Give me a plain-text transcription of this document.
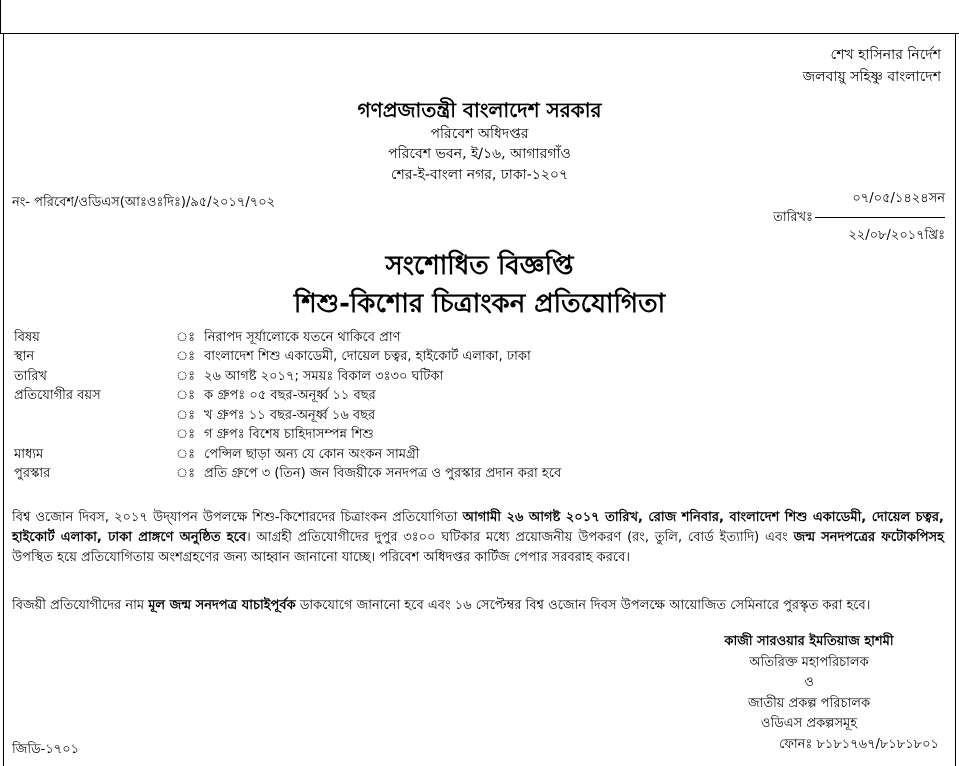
শেখ হাসিনার নির্দেশ
জলবায়ু সহিষ্ণু বাংলাদেশ
গণপ্রজাতন্ত্রী বাংলাদেশ সরকার
পরিবেশ অধিদপ্তর
পরিবেশ ভবন, ই/১৬, আগারগাঁও
শের-ই-বাংলা নগর, ঢাকা-১২০৭
নং- পরিবেশ/ওডিএস(আঃওঃদিঃ)/৯৫/২০১৭/৭০২	০৭/০৫/১৪২৪সন
তারিখঃ
২২/০৮/২০১৭খ্রিঃ
সংশোধিত বিজ্ঞপ্তি
শিশু-কিশোর চিত্রাংকন প্রতিযোগিতা
বিষয়	ঃ নিরাপদ সূর্যালোকে যতনে থাকিবে প্রাণ
স্থান	ঃ বাংলাদেশ শিশু একাডেমী, দোয়েল চত্বর, হাইকোর্ট এলাকা, ঢাকা
তারিখ	ঃ ২৬ আগষ্ট ২০১৭; সময়ঃ বিকাল ৩ঃ৩০ ঘটিকা
প্রতিযোগীর বয়স	ঃ ক গ্রুপঃ ০৫ বছর-অনূর্ধ্ব ১১ বছর
ঃ খ গ্রুপঃ ১১ বছর-অনূর্ধ্ব ১৬ বছর
ঃ গ গ্রুপঃ বিশেষ চাহিদাসম্পন্ন শিশু
মাধ্যম	ঃ পেন্সিল ছাড়া অন্য যে কোন অংকন সামগ্রী
পুরস্কার	ঃ প্রতি গ্রুপে ৩ (তিন) জন বিজয়ীকে সনদপত্র ও পুরস্কার প্রদান করা হবে
বিশ্ব ওজোন দিবস, ২০১৭ উদ্‌যাপন উপলক্ষে শিশু-কিশোরদের চিত্রাংকন প্রতিযোগিতা আগামী ২৬ আগষ্ট ২০১৭ তারিখ, রোজ শনিবার, বাংলাদেশ শিশু একাডেমী, দোয়েল চত্বর, হাইকোর্ট এলাকা, ঢাকা প্রাঙ্গণে অনুষ্ঠিত হবে। আগ্রহী প্রতিযোগীদের দুপুর ৩ঃ০০ ঘটিকার মধ্যে প্রয়োজনীয় উপকরণ (রং, তুলি, বোর্ড ইত্যাদি) এবং জন্ম সনদপত্রের ফটোকপিসহ উপস্থিত হয়ে প্রতিযোগিতায় অংশগ্রহণের জন্য আহ্বান জানানো যাচ্ছে। পরিবেশ অধিদপ্তর কার্টিজ পেপার সরবরাহ করবে।
বিজয়ী প্রতিযোগীদের নাম মূল জন্ম সনদপত্র যাচাইপূর্বক ডাকযোগে জানানো হবে এবং ১৬ সেপ্টেম্বর বিশ্ব ওজোন দিবস উপলক্ষে আয়োজিত সেমিনারে পুরস্কৃত করা হবে।
কাজী সারওয়ার ইমতিয়াজ হাশমী
অতিরিক্ত মহাপরিচালক
ও
জাতীয় প্রকল্প পরিচালক
ওডিএস প্রকল্পসমূহ
ফোনঃ ৮১৮১৭৬৭/৮১৮১৮০১
জিডি-১৭০১
